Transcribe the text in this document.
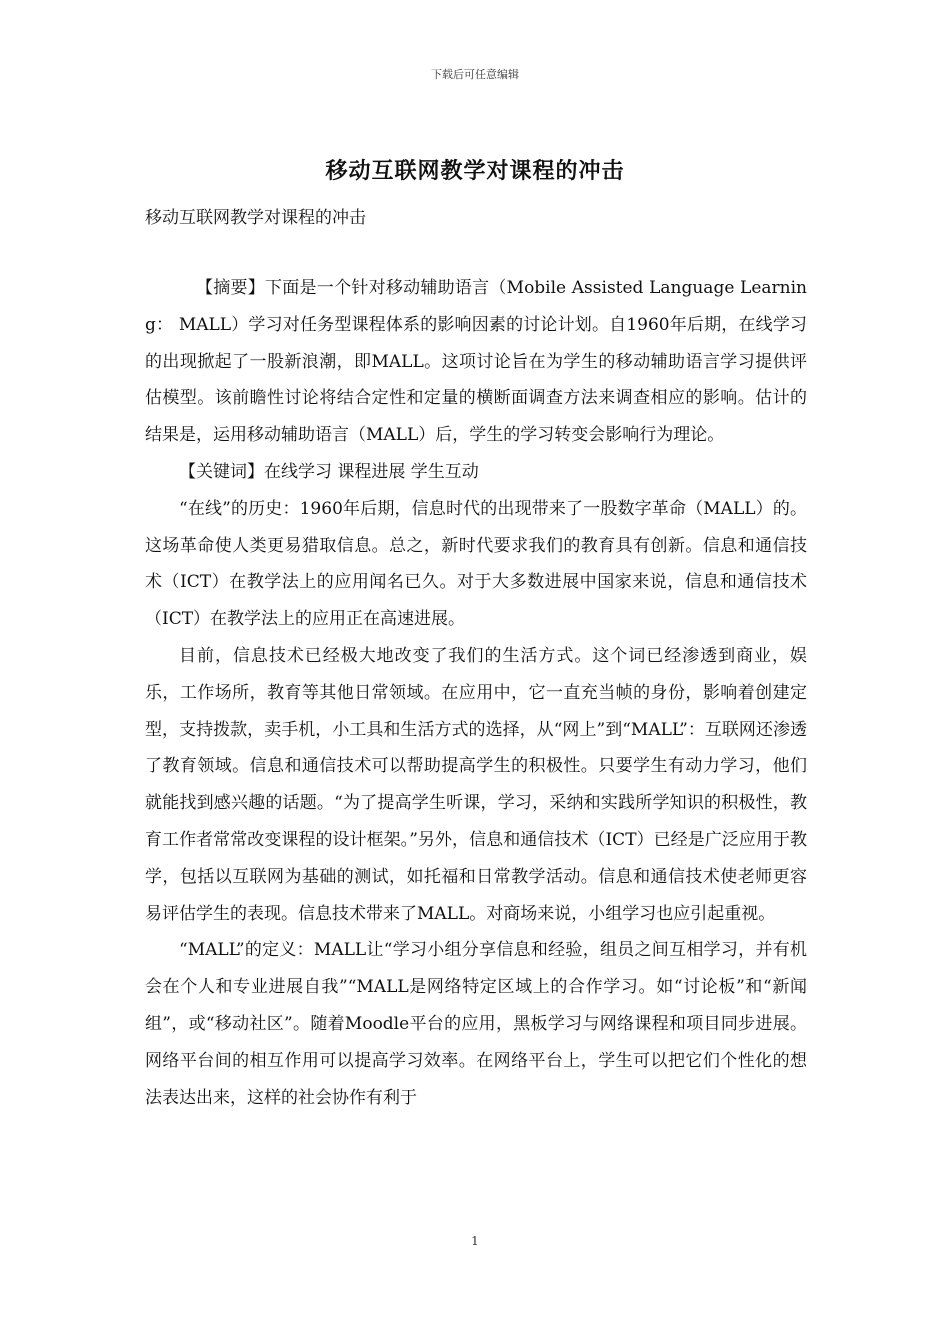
下载后可任意编辑
移动互联网教学对课程的冲击
移动互联网教学对课程的冲击

【摘要】下面是一个针对移动辅助语言（Mobile Assisted Language Learning： MALL）学习对任务型课程体系的影响因素的讨论计划。自1960年后期，在线学习的出现掀起了一股新浪潮，即MALL。这项讨论旨在为学生的移动辅助语言学习提供评估模型。该前瞻性讨论将结合定性和定量的横断面调查方法来调查相应的影响。估计的结果是，运用移动辅助语言（MALL）后，学生的学习转变会影响行为理论。

【关键词】在线学习 课程进展 学生互动

“在线”的历史：1960年后期，信息时代的出现带来了一股数字革命（MALL）的。这场革命使人类更易猎取信息。总之，新时代要求我们的教育具有创新。信息和通信技术（ICT）在教学法上的应用闻名已久。对于大多数进展中国家来说，信息和通信技术（ICT）在教学法上的应用正在高速进展。

目前，信息技术已经极大地改变了我们的生活方式。这个词已经渗透到商业，娱乐，工作场所，教育等其他日常领域。在应用中，它一直充当帧的身份，影响着创建定型，支持拨款，卖手机，小工具和生活方式的选择，从“网上”到“MALL”：互联网还渗透了教育领域。信息和通信技术可以帮助提高学生的积极性。只要学生有动力学习，他们就能找到感兴趣的话题。“为了提高学生听课，学习，采纳和实践所学知识的积极性，教育工作者常常改变课程的设计框架。”另外，信息和通信技术（ICT）已经是广泛应用于教学，包括以互联网为基础的测试，如托福和日常教学活动。信息和通信技术使老师更容易评估学生的表现。信息技术带来了MALL。对商场来说，小组学习也应引起重视。

“MALL”的定义：MALL让“学习小组分享信息和经验，组员之间互相学习，并有机会在个人和专业进展自我”“MALL是网络特定区域上的合作学习。如“讨论板”和“新闻组”，或“移动社区”。随着Moodle平台的应用，黑板学习与网络课程和项目同步进展。网络平台间的相互作用可以提高学习效率。在网络平台上，学生可以把它们个性化的想法表达出来，这样的社会协作有利于

1
